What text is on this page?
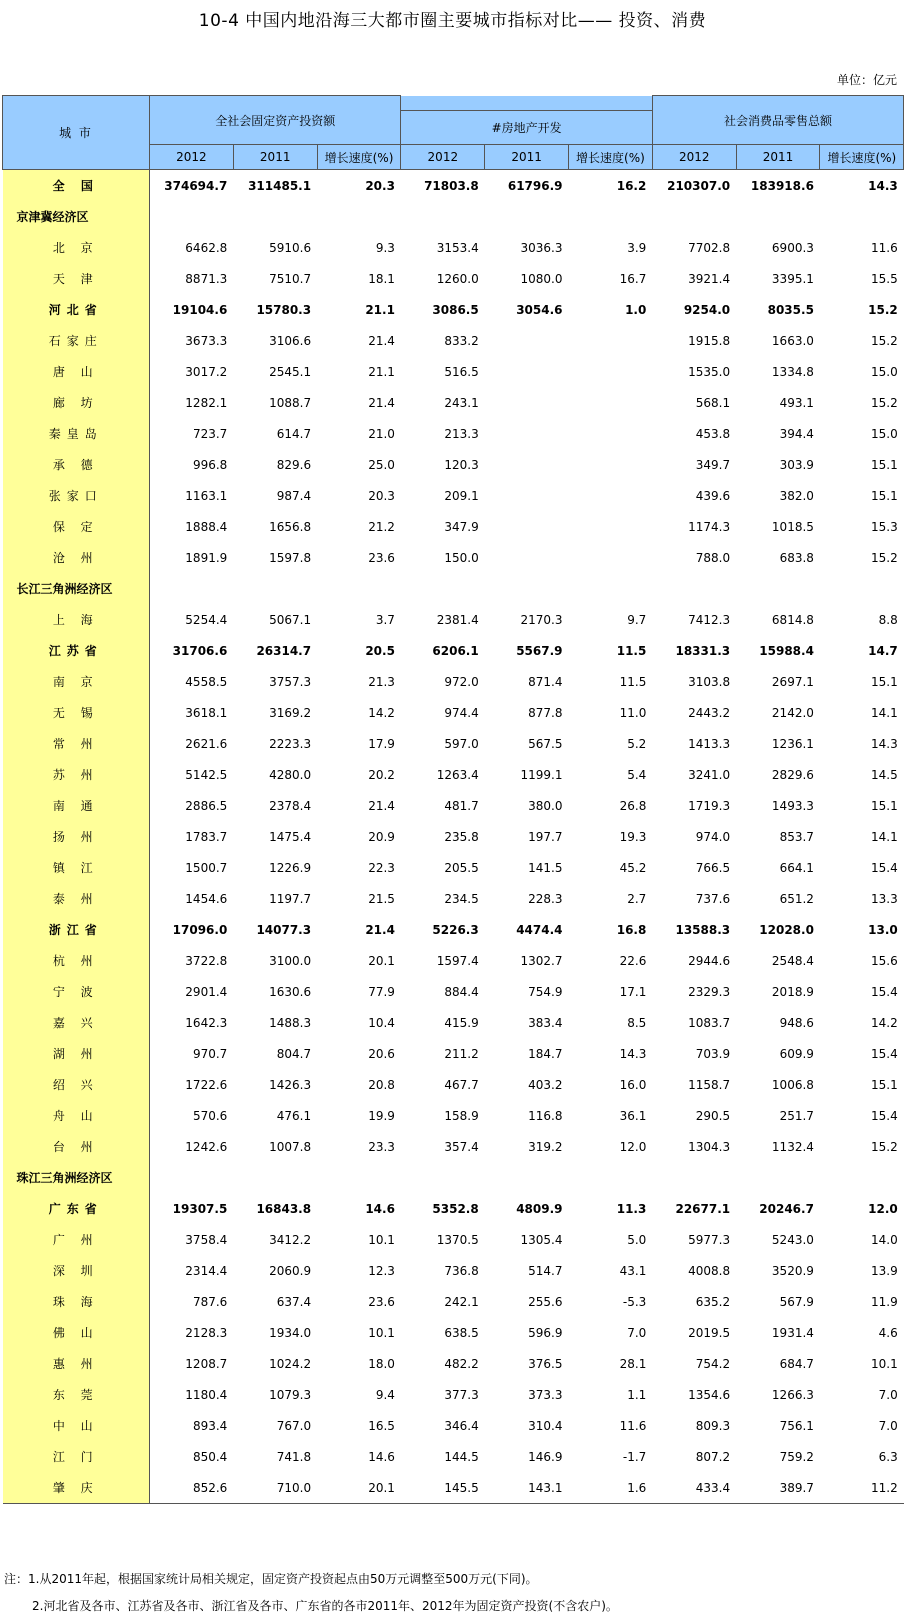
10-4 中国内地沿海三大都市圈主要城市指标对比—— 投资、消费
单位：亿元
城 市	全社会固定资产投资额						社会消费品零售总额		
				#房地产开发					
	2012	2011	增长速度(%)	2012	2011	增长速度(%)	2012	2011	增长速度(%)
全 国	374694.7	311485.1	20.3	71803.8	61796.9	16.2	210307.0	183918.6	14.3
京津冀经济区									
北 京	6462.8	5910.6	9.3	3153.4	3036.3	3.9	7702.8	6900.3	11.6
天 津	8871.3	7510.7	18.1	1260.0	1080.0	16.7	3921.4	3395.1	15.5
河北省	19104.6	15780.3	21.1	3086.5	3054.6	1.0	9254.0	8035.5	15.2
石家庄	3673.3	3106.6	21.4	833.2			1915.8	1663.0	15.2
唐 山	3017.2	2545.1	21.1	516.5			1535.0	1334.8	15.0
廊 坊	1282.1	1088.7	21.4	243.1			568.1	493.1	15.2
秦皇岛	723.7	614.7	21.0	213.3			453.8	394.4	15.0
承 德	996.8	829.6	25.0	120.3			349.7	303.9	15.1
张家口	1163.1	987.4	20.3	209.1			439.6	382.0	15.1
保 定	1888.4	1656.8	21.2	347.9			1174.3	1018.5	15.3
沧 州	1891.9	1597.8	23.6	150.0			788.0	683.8	15.2
长江三角洲经济区									
上 海	5254.4	5067.1	3.7	2381.4	2170.3	9.7	7412.3	6814.8	8.8
江苏省	31706.6	26314.7	20.5	6206.1	5567.9	11.5	18331.3	15988.4	14.7
南 京	4558.5	3757.3	21.3	972.0	871.4	11.5	3103.8	2697.1	15.1
无 锡	3618.1	3169.2	14.2	974.4	877.8	11.0	2443.2	2142.0	14.1
常 州	2621.6	2223.3	17.9	597.0	567.5	5.2	1413.3	1236.1	14.3
苏 州	5142.5	4280.0	20.2	1263.4	1199.1	5.4	3241.0	2829.6	14.5
南 通	2886.5	2378.4	21.4	481.7	380.0	26.8	1719.3	1493.3	15.1
扬 州	1783.7	1475.4	20.9	235.8	197.7	19.3	974.0	853.7	14.1
镇 江	1500.7	1226.9	22.3	205.5	141.5	45.2	766.5	664.1	15.4
泰 州	1454.6	1197.7	21.5	234.5	228.3	2.7	737.6	651.2	13.3
浙江省	17096.0	14077.3	21.4	5226.3	4474.4	16.8	13588.3	12028.0	13.0
杭 州	3722.8	3100.0	20.1	1597.4	1302.7	22.6	2944.6	2548.4	15.6
宁 波	2901.4	1630.6	77.9	884.4	754.9	17.1	2329.3	2018.9	15.4
嘉 兴	1642.3	1488.3	10.4	415.9	383.4	8.5	1083.7	948.6	14.2
湖 州	970.7	804.7	20.6	211.2	184.7	14.3	703.9	609.9	15.4
绍 兴	1722.6	1426.3	20.8	467.7	403.2	16.0	1158.7	1006.8	15.1
舟 山	570.6	476.1	19.9	158.9	116.8	36.1	290.5	251.7	15.4
台 州	1242.6	1007.8	23.3	357.4	319.2	12.0	1304.3	1132.4	15.2
珠江三角洲经济区									
广东省	19307.5	16843.8	14.6	5352.8	4809.9	11.3	22677.1	20246.7	12.0
广 州	3758.4	3412.2	10.1	1370.5	1305.4	5.0	5977.3	5243.0	14.0
深 圳	2314.4	2060.9	12.3	736.8	514.7	43.1	4008.8	3520.9	13.9
珠 海	787.6	637.4	23.6	242.1	255.6	-5.3	635.2	567.9	11.9
佛 山	2128.3	1934.0	10.1	638.5	596.9	7.0	2019.5	1931.4	4.6
惠 州	1208.7	1024.2	18.0	482.2	376.5	28.1	754.2	684.7	10.1
东 莞	1180.4	1079.3	9.4	377.3	373.3	1.1	1354.6	1266.3	7.0
中 山	893.4	767.0	16.5	346.4	310.4	11.6	809.3	756.1	7.0
江 门	850.4	741.8	14.6	144.5	146.9	-1.7	807.2	759.2	6.3
肇 庆	852.6	710.0	20.1	145.5	143.1	1.6	433.4	389.7	11.2
注：1.从2011年起，根据国家统计局相关规定，固定资产投资起点由50万元调整至500万元(下同)。
2.河北省及各市、江苏省及各市、浙江省及各市、广东省的各市2011年、2012年为固定资产投资(不含农户)。
